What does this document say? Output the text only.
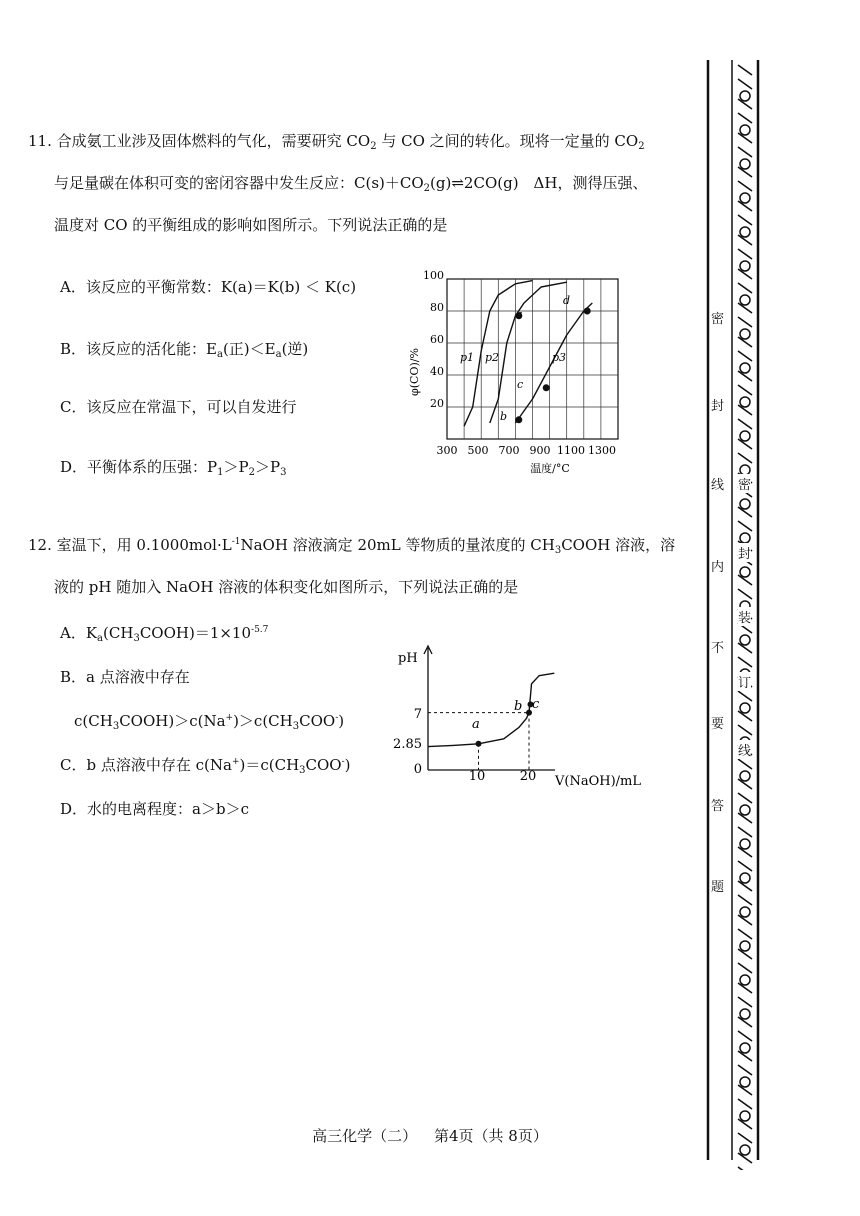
11. 合成氨工业涉及固体燃料的气化，需要研究 $CO_2$ 与 CO 之间的转化。现将一定量的 $CO_2$
与足量碳在体积可变的密闭容器中发生反应：$C(s)+CO_2(g)\rightleftharpoons 2CO(g)$　ΔH，测得压强、
温度对 CO 的平衡组成的影响如图所示。下列说法正确的是
A．该反应的平衡常数：K(a)＝K(b) ＜ K(c)
B．该反应的活化能：$E_a$(正)$<E_a$(逆)
C．该反应在常温下，可以自发进行
D．平衡体系的压强：$P_1>P_2>P_3$
φ(CO)/%
温度/°C
100
80
60
40
20
300 500 700 900 1100 1300
p1 p2	p3
a
b
c
d
12. 室温下，用 $0.1000mol\cdot L^{-1}NaOH$ 溶液滴定 20mL 等物质的量浓度的 $CH_3COOH$ 溶液，溶
液的 pH 随加入 NaOH 溶液的体积变化如图所示，下列说法正确的是
A．$K_a(CH_3COOH)=1\times 10^{-5.7}$
B．a 点溶液中存在
$c(CH_3COOH)>c(Na^+)>c(CH_3COO^-)$
C．b 点溶液中存在 $c(Na^+)=c(CH_3COO^-)$
D．水的电离程度：a＞b＞c
pH
V(NaOH)/mL
7
2.85
0	10	20
a
b c
高三化学（二） 第4页（共 8页）
密
封
线
内
不
要
答
题
密
封
装
订
线
